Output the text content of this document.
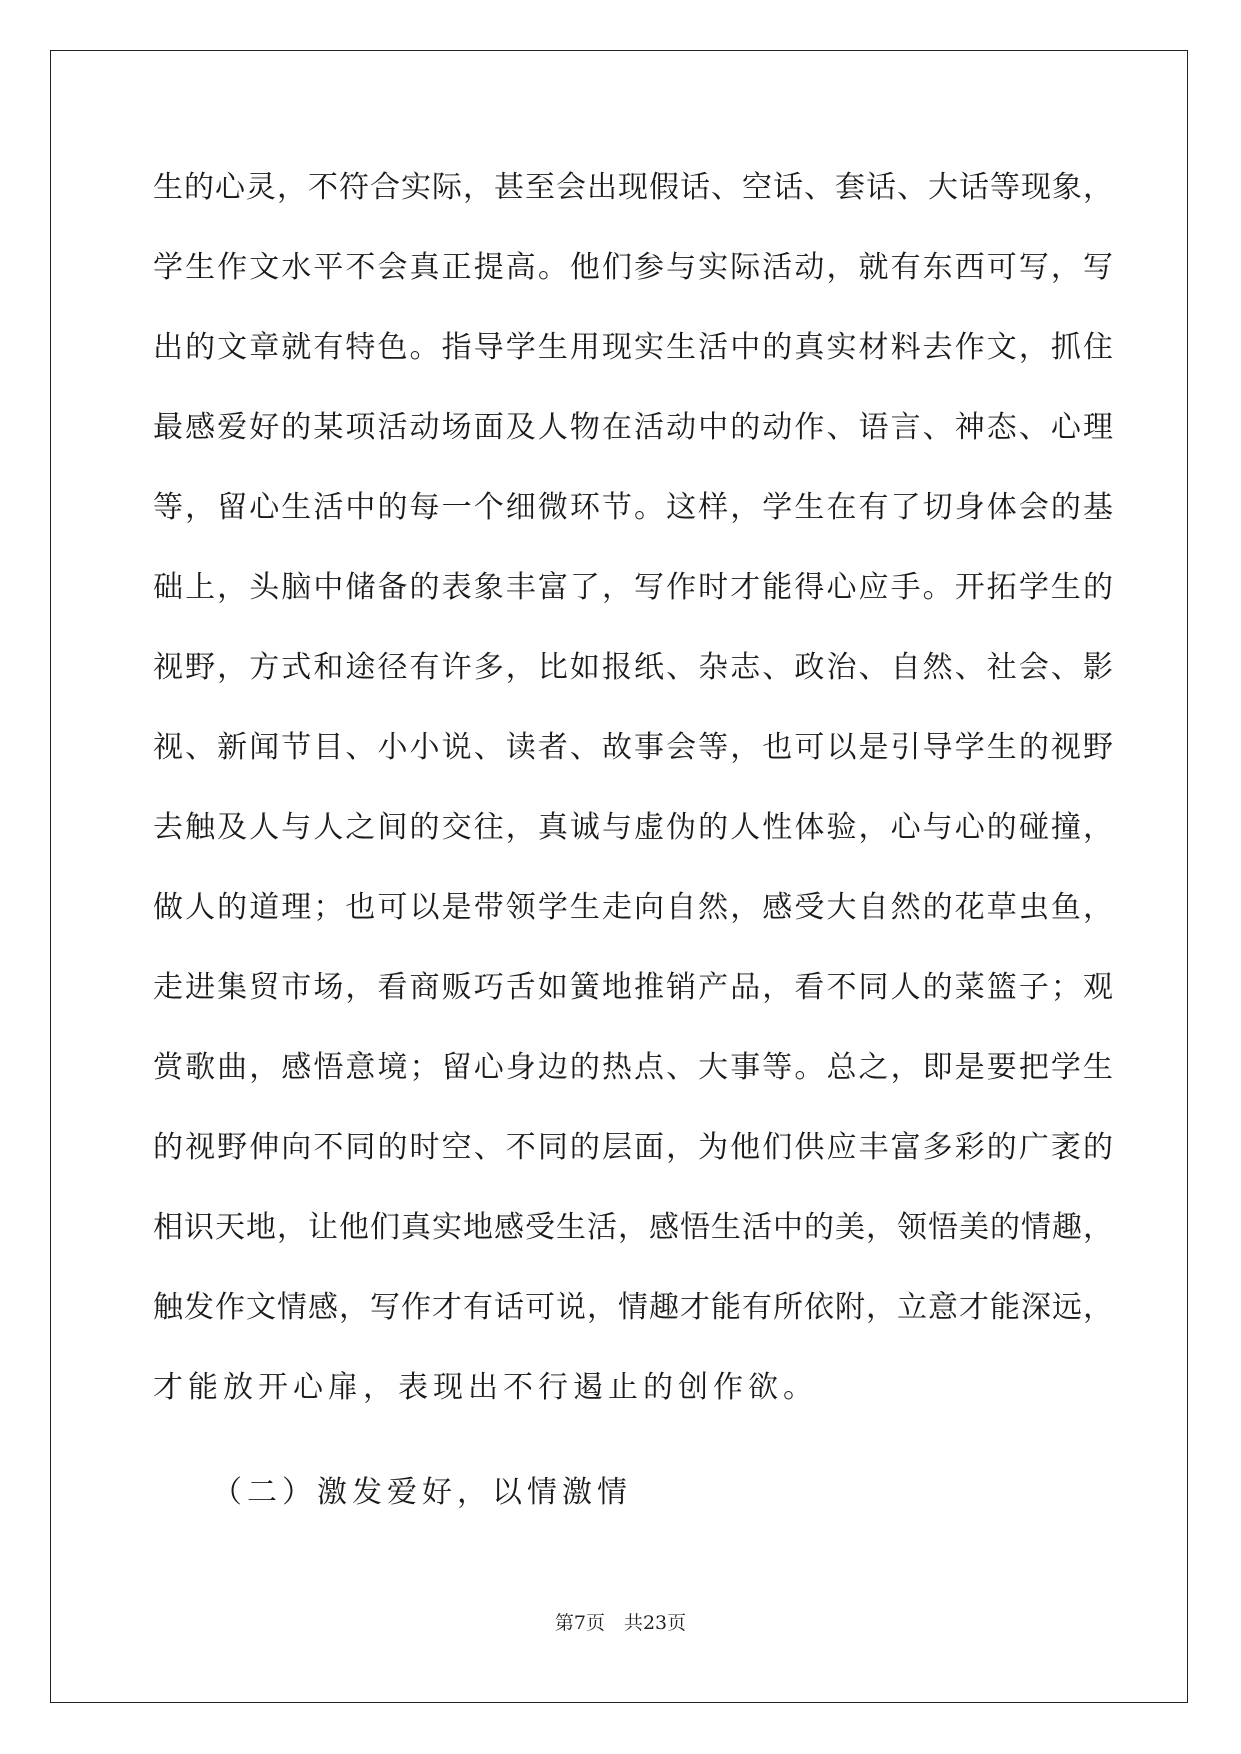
生的心灵，不符合实际，甚至会出现假话、空话、套话、大话等现象，
学生作文水平不会真正提高。他们参与实际活动，就有东西可写，写
出的文章就有特色。指导学生用现实生活中的真实材料去作文，抓住
最感爱好的某项活动场面及人物在活动中的动作、语言、神态、心理
等，留心生活中的每一个细微环节。这样，学生在有了切身体会的基
础上，头脑中储备的表象丰富了，写作时才能得心应手。开拓学生的
视野，方式和途径有许多，比如报纸、杂志、政治、自然、社会、影
视、新闻节目、小小说、读者、故事会等，也可以是引导学生的视野
去触及人与人之间的交往，真诚与虚伪的人性体验，心与心的碰撞，
做人的道理；也可以是带领学生走向自然，感受大自然的花草虫鱼，
走进集贸市场，看商贩巧舌如簧地推销产品，看不同人的菜篮子；观
赏歌曲，感悟意境；留心身边的热点、大事等。总之，即是要把学生
的视野伸向不同的时空、不同的层面，为他们供应丰富多彩的广袤的
相识天地，让他们真实地感受生活，感悟生活中的美，领悟美的情趣，
触发作文情感，写作才有话可说，情趣才能有所依附，立意才能深远，
才能放开心扉，表现出不行遏止的创作欲。
（二）激发爱好，以情激情
第7页　共23页
